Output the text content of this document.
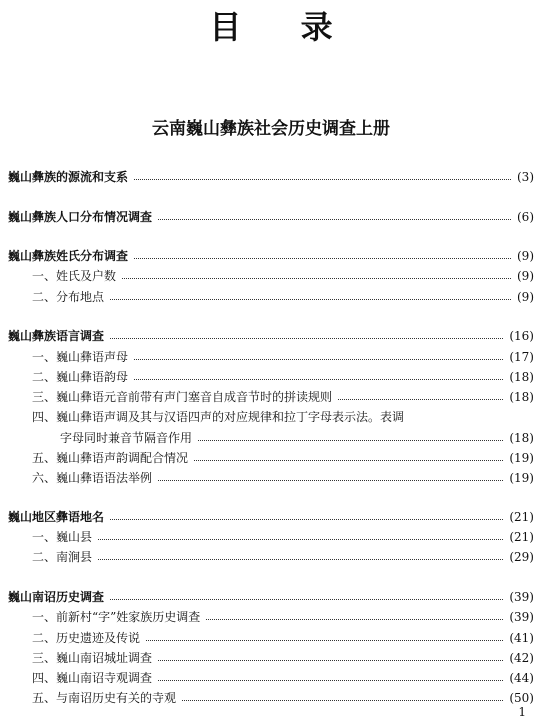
目 录
云南巍山彝族社会历史调查上册
巍山彝族的源流和支系	(3)
巍山彝族人口分布情况调查	(6)
巍山彝族姓氏分布调查	(9)
一、姓氏及户数	(9)
二、分布地点	(9)
巍山彝族语言调查	(16)
一、巍山彝语声母	(17)
二、巍山彝语韵母	(18)
三、巍山彝语元音前带有声门塞音自成音节时的拼读规则	(18)
四、巍山彝语声调及其与汉语四声的对应规律和拉丁字母表示法。表调
字母同时兼音节隔音作用	(18)
五、巍山彝语声韵调配合情况	(19)
六、巍山彝语语法举例	(19)
巍山地区彝语地名	(21)
一、巍山县	(21)
二、南涧县	(29)
巍山南诏历史调查	(39)
一、前新村“字”姓家族历史调查	(39)
二、历史遗迹及传说	(41)
三、巍山南诏城址调查	(42)
四、巍山南诏寺观调查	(44)
五、与南诏历史有关的寺观	(50)
1
